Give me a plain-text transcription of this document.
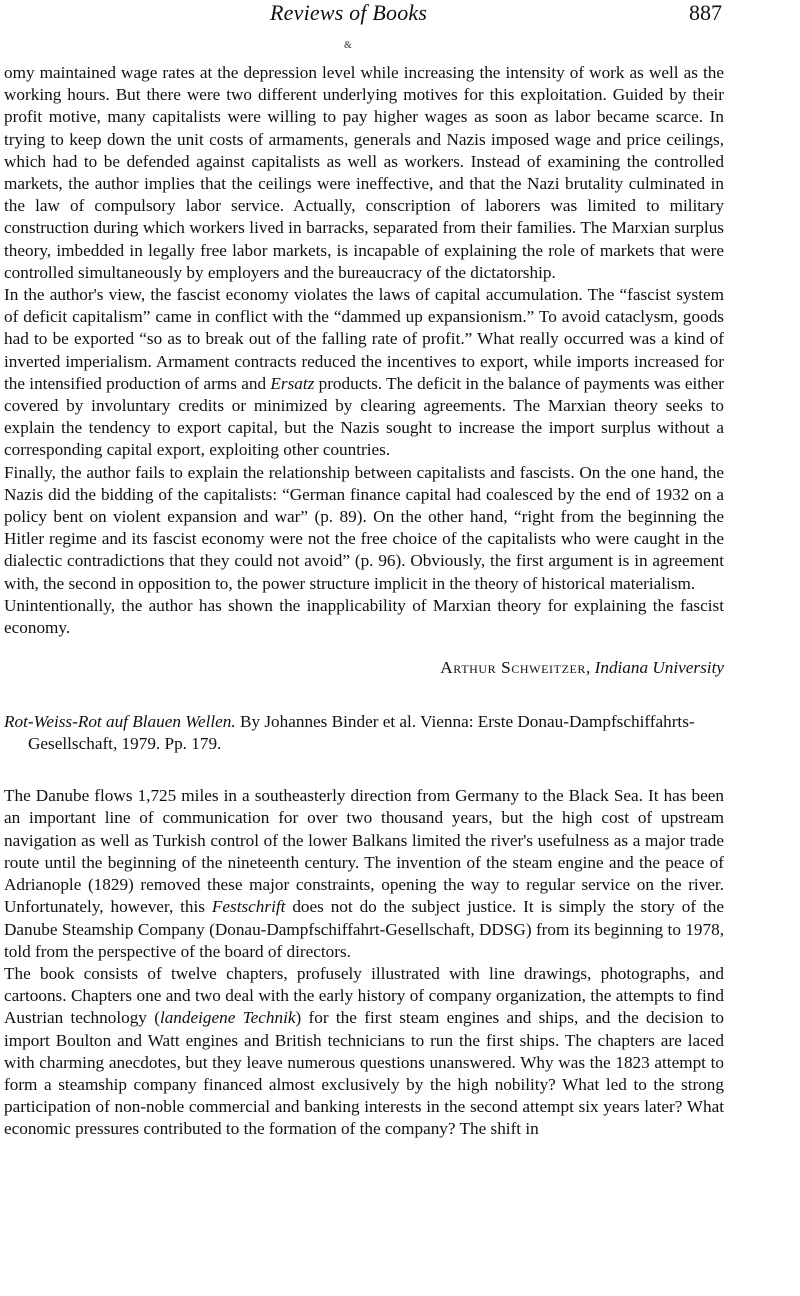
Reviews of Books	887
&

omy maintained wage rates at the depression level while increasing the intensity of work as well as the working hours. But there were two different underlying motives for this exploitation. Guided by their profit motive, many capitalists were willing to pay higher wages as soon as labor became scarce. In trying to keep down the unit costs of armaments, generals and Nazis imposed wage and price ceilings, which had to be defended against capitalists as well as workers. Instead of examining the controlled markets, the author implies that the ceilings were ineffective, and that the Nazi brutality culminated in the law of compulsory labor service. Actually, conscription of laborers was limited to military construction during which workers lived in barracks, separated from their families. The Marxian surplus theory, imbedded in legally free labor markets, is incapable of explaining the role of markets that were controlled simultaneously by employers and the bureaucracy of the dictatorship.

In the author's view, the fascist economy violates the laws of capital accumulation. The “fascist system of deficit capitalism” came in conflict with the “dammed up expansionism.” To avoid cataclysm, goods had to be exported “so as to break out of the falling rate of profit.” What really occurred was a kind of inverted imperialism. Armament contracts reduced the incentives to export, while imports increased for the intensified production of arms and Ersatz products. The deficit in the balance of payments was either covered by involuntary credits or minimized by clearing agreements. The Marxian theory seeks to explain the tendency to export capital, but the Nazis sought to increase the import surplus without a corresponding capital export, exploiting other countries.

Finally, the author fails to explain the relationship between capitalists and fascists. On the one hand, the Nazis did the bidding of the capitalists: “German finance capital had coalesced by the end of 1932 on a policy bent on violent expansion and war” (p. 89). On the other hand, “right from the beginning the Hitler regime and its fascist economy were not the free choice of the capitalists who were caught in the dialectic contradictions that they could not avoid” (p. 96). Obviously, the first argument is in agreement with, the second in opposition to, the power structure implicit in the theory of historical materialism.

Unintentionally, the author has shown the inapplicability of Marxian theory for explaining the fascist economy.

Arthur Schweitzer, Indiana University
Rot-Weiss-Rot auf Blauen Wellen. By Johannes Binder et al. Vienna: Erste Donau-Dampfschiffahrts-Gesellschaft, 1979. Pp. 179.

The Danube flows 1,725 miles in a southeasterly direction from Germany to the Black Sea. It has been an important line of communication for over two thousand years, but the high cost of upstream navigation as well as Turkish control of the lower Balkans limited the river's usefulness as a major trade route until the beginning of the nineteenth century. The invention of the steam engine and the peace of Adrianople (1829) removed these major constraints, opening the way to regular service on the river. Unfortunately, however, this Festschrift does not do the subject justice. It is simply the story of the Danube Steamship Company (Donau-Dampfschiffahrt-Gesellschaft, DDSG) from its beginning to 1978, told from the perspective of the board of directors.

The book consists of twelve chapters, profusely illustrated with line drawings, photographs, and cartoons. Chapters one and two deal with the early history of company organization, the attempts to find Austrian technology (landeigene Technik) for the first steam engines and ships, and the decision to import Boulton and Watt engines and British technicians to run the first ships. The chapters are laced with charming anecdotes, but they leave numerous questions unanswered. Why was the 1823 attempt to form a steamship company financed almost exclusively by the high nobility? What led to the strong participation of non-noble commercial and banking interests in the second attempt six years later? What economic pressures contributed to the formation of the company? The shift in
